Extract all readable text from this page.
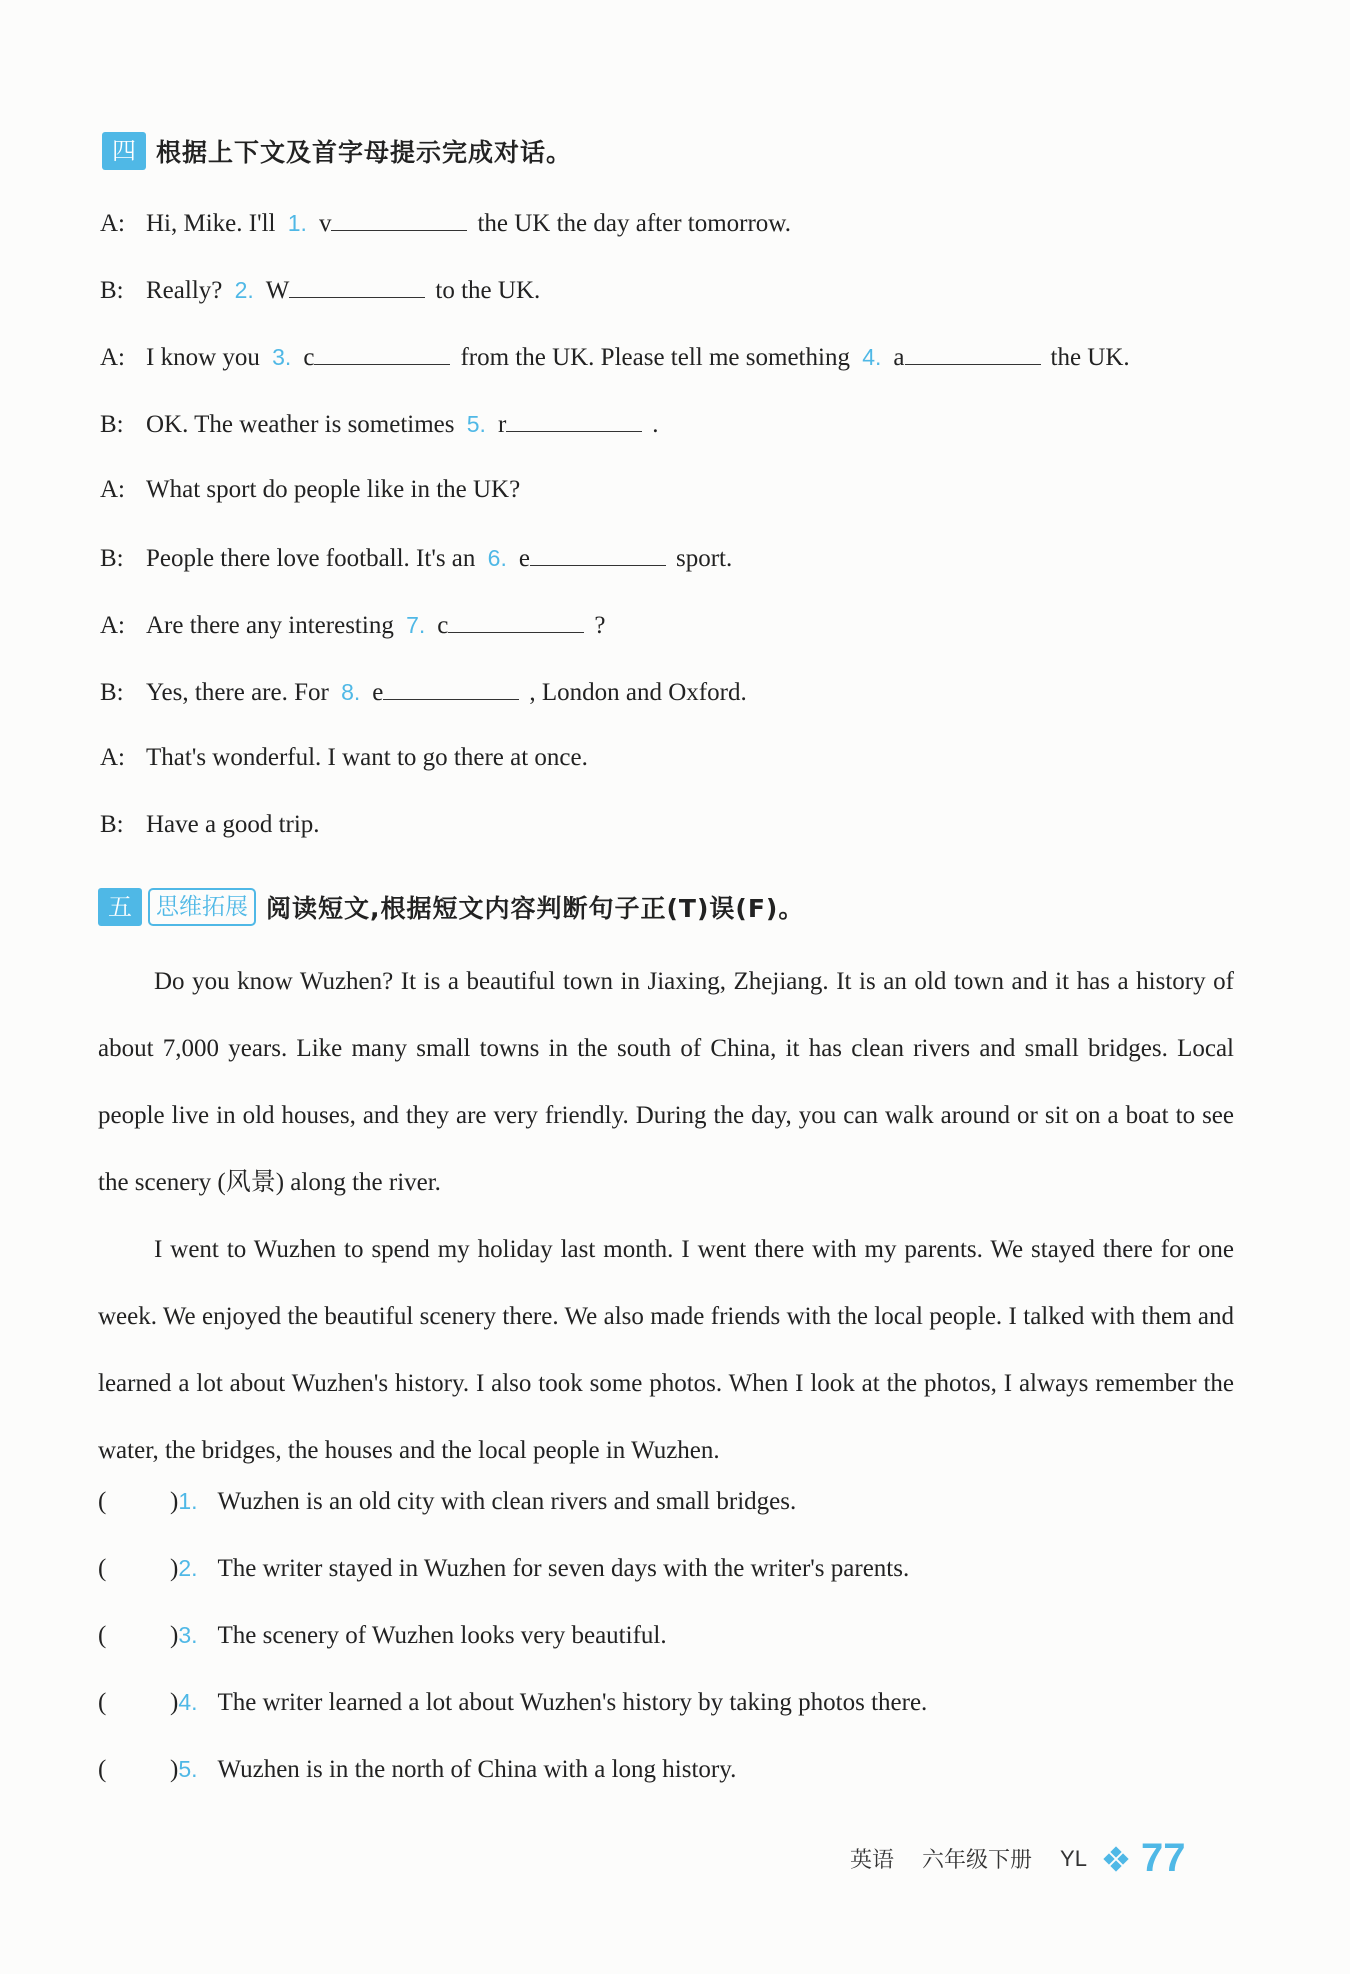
四 根据上下文及首字母提示完成对话。
A: Hi, Mike. I'll 1. v	the UK the day after tomorrow.
B: Really? 2. W	to the UK.
A: I know you 3. c	from the UK. Please tell me something 4. a	the UK.
B: OK. The weather is sometimes 5. r	.
A: What sport do people like in the UK?
B: People there love football. It's an 6. e	sport.
A: Are there any interesting 7. c	?
B: Yes, there are. For 8. e	, London and Oxford.
A: That's wonderful. I want to go there at once.
B: Have a good trip.
五	思维拓展 阅读短文,根据短文内容判断句子正(T)误(F)。

Do you know Wuzhen? It is a beautiful town in Jiaxing, Zhejiang. It is an old town and it has a history of about 7,000 years. Like many small towns in the south of China, it has clean rivers and small bridges. Local people live in old houses, and they are very friendly. During the day, you can walk around or sit on a boat to see the scenery (风景) along the river.

I went to Wuzhen to spend my holiday last month. I went there with my parents. We stayed there for one week. We enjoyed the beautiful scenery there. We also made friends with the local people. I talked with them and learned a lot about Wuzhen's history. I also took some photos. When I look at the photos, I always remember the water, the bridges, the houses and the local people in Wuzhen.

(	)1. Wuzhen is an old city with clean rivers and small bridges.
(	)2. The writer stayed in Wuzhen for seven days with the writer's parents.
(	)3. The scenery of Wuzhen looks very beautiful.
(	)4. The writer learned a lot about Wuzhen's history by taking photos there.
(	)5. Wuzhen is in the north of China with a long history.
英语 六年级下册 YL 77
